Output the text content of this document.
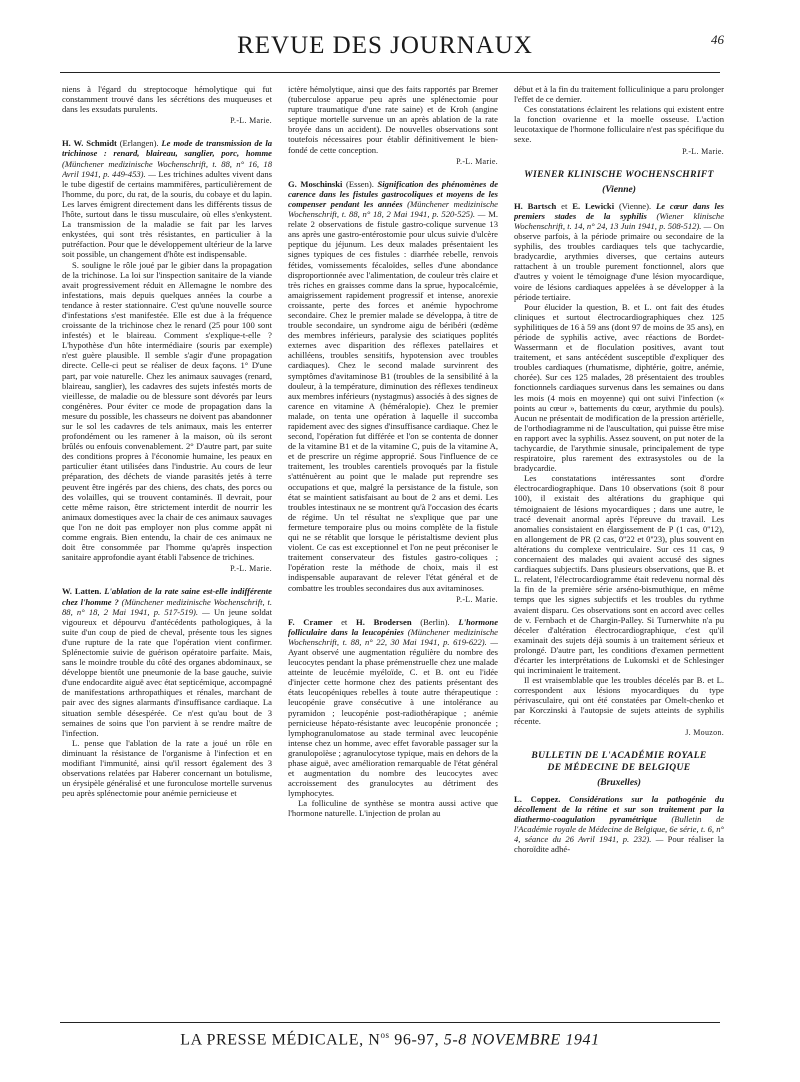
REVUE DES JOURNAUX	46

niens à l'égard du streptocoque hémolytique qui fut constamment trouvé dans les sécrétions des muqueuses et dans les exsudats purulents.

P.-L. Marie.

H. W. Schmidt (Erlangen). Le mode de transmission de la trichinose : renard, blaireau, sanglier, porc, homme (Münchener medizinische Wochenschrift, t. 88, n° 16, 18 Avril 1941, p. 449-453). — Les trichines adultes vivent dans le tube digestif de certains mammifères, particulièrement de l'homme, du porc, du rat, de la souris, du cobaye et du lapin. Les larves émigrent directement dans les différents tissus de l'hôte, surtout dans le tissu musculaire, où elles s'enkystent. La transmission de la maladie se fait par les larves enkystées, qui sont très résistantes, en particulier à la putréfaction. Pour que le développement ultérieur de la larve soit possible, un changement d'hôte est indispensable.

S. souligne le rôle joué par le gibier dans la propagation de la trichinose. La loi sur l'inspection sanitaire de la viande avait progressivement réduit en Allemagne le nombre des infestations, mais depuis quelques années la courbe a tendance à rester stationnaire. C'est qu'une nouvelle source d'infestations s'est manifestée. Elle est due à la fréquence croissante de la trichinose chez le renard (25 pour 100 sont infestés) et le blaireau. Comment s'explique-t-elle ? L'hypothèse d'un hôte intermédiaire (souris par exemple) n'est guère plausible. Il semble s'agir d'une propagation directe. Celle-ci peut se réaliser de deux façons. 1° D'une part, par voie naturelle. Chez les animaux sauvages (renard, blaireau, sanglier), les cadavres des sujets infestés morts de vieillesse, de maladie ou de blessure sont dévorés par leurs congénères. Pour éviter ce mode de propagation dans la mesure du possible, les chasseurs ne doivent pas abandonner sur le sol les cadavres de tels animaux, mais les enterrer profondément ou les ramener à la maison, où ils seront brûlés ou enfouis convenablement. 2° D'autre part, par suite des conditions propres à l'économie humaine, les peaux en particulier étant utilisées dans l'industrie. Au cours de leur préparation, des déchets de viande parasités jetés à terre peuvent être ingérés par des chiens, des chats, des porcs ou des volailles, qui se trouvent contaminés. Il devrait, pour cette même raison, être strictement interdit de nourrir les animaux domestiques avec la chair de ces animaux sauvages que l'on ne doit pas employer non plus comme appât ni comme engrais. Bien entendu, la chair de ces animaux ne doit être consommée par l'homme qu'après inspection sanitaire approfondie ayant établi l'absence de trichines.

P.-L. Marie.

W. Latten. L'ablation de la rate saine est-elle indifférente chez l'homme ? (Münchener medizinische Wochenschrift, t. 88, n° 18, 2 Mai 1941, p. 517-519). — Un jeune soldat vigoureux et dépourvu d'antécédents pathologiques, à la suite d'un coup de pied de cheval, présente tous les signes d'une rupture de la rate que l'opération vient confirmer. Splénectomie suivie de guérison opératoire parfaite. Mais, sans le moindre trouble du côté des organes abdominaux, se développe bientôt une pneumonie de la base gauche, suivie d'une endocardite aiguë avec état septicémique, accompagné de manifestations arthropathiques et rénales, marchant de pair avec des signes alarmants d'insuffisance cardiaque. La situation semble désespérée. Ce n'est qu'au bout de 3 semaines de soins que l'on parvient à se rendre maître de l'infection.

L. pense que l'ablation de la rate a joué un rôle en diminuant la résistance de l'organisme à l'infection et en modifiant l'immunité, ainsi qu'il ressort également des 3 observations relatées par Haberer concernant un botulisme, un érysipèle généralisé et une furonculose mortelle survenus peu après splénectomie pour anémie pernicieuse et

ictère hémolytique, ainsi que des faits rapportés par Bremer (tuberculose apparue peu après une splénectomie pour rupture traumatique d'une rate saine) et de Kroh (angine septique mortelle survenue un an après ablation de la rate broyée dans un accident). De nouvelles observations sont toutefois nécessaires pour établir définitivement le bien-fondé de cette conception.

P.-L. Marie.

G. Moschinski (Essen). Signification des phénomènes de carence dans les fistules gastrocoliques et moyens de les compenser pendant les années (Münchener medizinische Wochenschrift, t. 88, n° 18, 2 Mai 1941, p. 520-525). — M. relate 2 observations de fistule gastro-colique survenue 13 ans après une gastro-entérostomie pour ulcus suivie d'ulcère peptique du jéjunum. Les deux malades présentaient les signes typiques de ces fistules : diarrhée rebelle, renvois fétides, vomissements fécaloïdes, selles d'une abondance disproportionnée avec l'alimentation, de couleur très claire et très riches en graisses comme dans la sprue, hypocalcémie, amaigrissement rapidement progressif et intense, anorexie croissante, perte des forces et anémie hypochrome secondaire. Chez le premier malade se développa, à titre de trouble secondaire, un syndrome aigu de béribéri (œdème des membres inférieurs, paralysie des sciatiques poplités externes avec disparition des réflexes patellaires et achilléens, troubles sensitifs, hypotension avec troubles cardiaques). Chez le second malade survinrent des symptômes d'avitaminose B1 (troubles de la sensibilité à la douleur, à la température, diminution des réflexes tendineux aux membres inférieurs (nystagmus) associés à des signes de carence en vitamine A (héméralopie). Chez le premier malade, on tenta une opération à laquelle il succomba rapidement avec des signes d'insuffisance cardiaque. Chez le second, l'opération fut différée et l'on se contenta de donner de la vitamine B1 et de la vitamine C, puis de la vitamine A, et de prescrire un régime approprié. Sous l'influence de ce traitement, les troubles carentiels provoqués par la fistule s'atténuèrent au point que le malade put reprendre ses occupations et que, malgré la persistance de la fistule, son état se maintient satisfaisant au bout de 2 ans et demi. Les troubles intestinaux ne se montrent qu'à l'occasion des écarts de régime. Un tel résultat ne s'explique que par une fermeture temporaire plus ou moins complète de la fistule qui ne se rétablit que lorsque le péristaltisme devient plus violent. Ce cas est exceptionnel et l'on ne peut préconiser le traitement conservateur des fistules gastro-coliques ; l'opération reste la méthode de choix, mais il est indispensable auparavant de relever l'état général et de combattre les troubles secondaires dus aux avitaminoses.

P.-L. Marie.

F. Cramer et H. Brodersen (Berlin). L'hormone folliculaire dans la leucopénies (Münchener medizinische Wochenschrift, t. 88, n° 22, 30 Mai 1941, p. 619-622). — Ayant observé une augmentation régulière du nombre des leucocytes pendant la phase prémenstruelle chez une malade atteinte de leucémie myéloïde, C. et B. ont eu l'idée d'injecter cette hormone chez des patients présentant des états leucopéniques rebelles à toute autre thérapeutique : leucopénie grave consécutive à une intolérance au pyramidon ; leucopénie post-radiothérapique ; anémie pernicieuse hépato-résistante avec leucopénie prononcée ; lymphogranulomatose au stade terminal avec leucopénie intense chez un homme, avec effet favorable passager sur la granulopoïèse ; agranulocytose typique, mais en dehors de la phase aiguë, avec amélioration remarquable de l'état général et augmentation du nombre des leucocytes avec accroissement des granulocytes au détriment des lymphocytes.

La folliculine de synthèse se montra aussi active que l'hormone naturelle. L'injection de prolan au

début et à la fin du traitement folliculinique a paru prolonger l'effet de ce dernier.

Ces constatations éclairent les relations qui existent entre la fonction ovarienne et la moelle osseuse. L'action leucotaxique de l'hormone folliculaire n'est pas spécifique du sexe.

P.-L. Marie.
WIENER KLINISCHE WOCHENSCHRIFT
(Vienne)

H. Bartsch et E. Lewicki (Vienne). Le cœur dans les premiers stades de la syphilis (Wiener klinische Wochenschrift, t. 14, n° 24, 13 Juin 1941, p. 508-512). — On observe parfois, à la période primaire ou secondaire de la syphilis, des troubles cardiaques tels que tachycardie, bradycardie, arythmies diverses, que certains auteurs rattachent à un trouble purement fonctionnel, alors que d'autres y voient le témoignage d'une lésion myocardique, voire de lésions cardiaques appelées à se développer à la période tertiaire.

Pour élucider la question, B. et L. ont fait des études cliniques et surtout électrocardiographiques chez 125 syphilitiques de 16 à 59 ans (dont 97 de moins de 35 ans), en période de syphilis active, avec réactions de Bordet-Wassermann et de floculation positives, avant tout traitement, et sans antécédent susceptible d'expliquer des troubles cardiaques (rhumatisme, diphtérie, goitre, anémie, chorée). Sur ces 125 malades, 28 présentaient des troubles fonctionnels cardiaques survenus dans les semaines ou dans les mois (4 mois en moyenne) qui ont suivi l'infection (« points au cœur », battements du cœur, arythmie du pouls). Aucun ne présentait de modification de la pression artérielle, de l'orthodiagramme ni de l'auscultation, qui puisse être mise en rapport avec la syphilis. Assez souvent, on put noter de la tachycardie, de l'arythmie sinusale, principalement de type respiratoire, plus rarement des extrasystoles ou de la bradycardie.

Les constatations intéressantes sont d'ordre électrocardiographique. Dans 10 observations (soit 8 pour 100), il existait des altérations du graphique qui témoignaient de lésions myocardiques ; dans une autre, le tracé devenait anormal après l'épreuve du travail. Les anomalies consistaient en élargissement de P (1 cas, 0''12), en allongement de PR (2 cas, 0''22 et 0''23), plus souvent en altérations du complexe ventriculaire. Sur ces 11 cas, 9 concernaient des malades qui avaient accusé des signes cardiaques subjectifs. Dans plusieurs observations, que B. et L. relatent, l'électrocardiogramme était redevenu normal dès la fin de la première série arséno-bismuthique, en même temps que les signes subjectifs et les troubles du rythme avaient disparu. Ces observations sont en accord avec celles de v. Fernbach et de Chargin-Palley. Si Turnerwhite n'a pu déceler d'altération électrocardiographique, c'est qu'il examinait des sujets déjà soumis à un traitement sérieux et prolongé. D'autre part, les conditions d'examen permettent d'écarter les interprétations de Lukomski et de Schlesinger qui incriminaient le traitement.

Il est vraisemblable que les troubles décelés par B. et L. correspondent aux lésions myocardiques du type périvasculaire, qui ont été constatées par Omelt-chenko et par Korczinski à l'autopsie de sujets atteints de syphilis récente.

J. Mouzon.
BULLETIN DE L'ACADÉMIE ROYALE
DE MÉDECINE DE BELGIQUE
(Bruxelles)

L. Coppez. Considérations sur la pathogénie du décollement de la rétine et sur son traitement par la diathermo-coagulation pyramétrique (Bulletin de l'Académie royale de Médecine de Belgique, 6e série, t. 6, n° 4, séance du 26 Avril 1941, p. 232). — Pour réaliser la choroïdite adhé-

LA PRESSE MÉDICALE, $N^{os}$ 96-97, 5-8 NOVEMBRE 1941
